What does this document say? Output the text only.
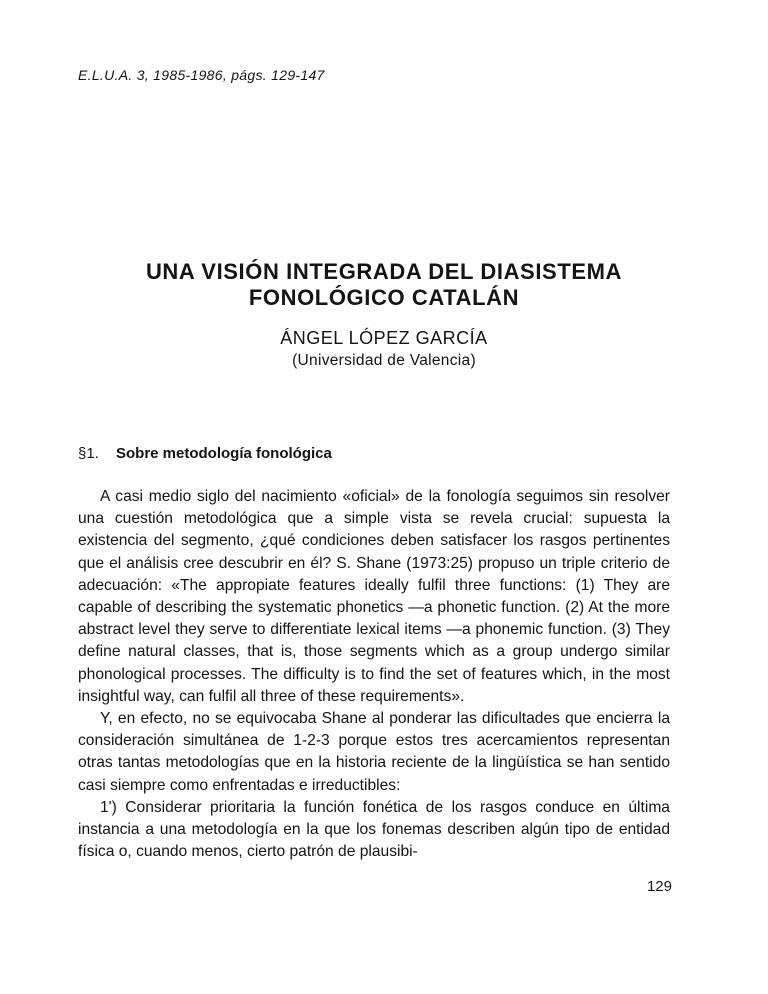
E.L.U.A. 3, 1985-1986, págs. 129-147
UNA VISIÓN INTEGRADA DEL DIASISTEMA
FONOLÓGICO CATALÁN
ÁNGEL LÓPEZ GARCÍA
(Universidad de Valencia)
§1. Sobre metodología fonológica

A casi medio siglo del nacimiento «oficial» de la fonología seguimos sin resolver una cuestión metodológica que a simple vista se revela crucial: supuesta la existencia del segmento, ¿qué condiciones deben satisfacer los rasgos pertinentes que el análisis cree descubrir en él? S. Shane (1973:25) propuso un triple criterio de adecuación: «The appropiate features ideally fulfil three functions: (1) They are capable of describing the systematic phonetics —a phonetic function. (2) At the more abstract level they serve to differentiate lexical items —a phonemic function. (3) They define natural classes, that is, those segments which as a group undergo similar phonological processes. The difficulty is to find the set of features which, in the most insightful way, can fulfil all three of these requirements».

Y, en efecto, no se equivocaba Shane al ponderar las dificultades que encierra la consideración simultánea de 1-2-3 porque estos tres acercamientos representan otras tantas metodologías que en la historia reciente de la lingüística se han sentido casi siempre como enfrentadas e irreductibles:

1') Considerar prioritaria la función fonética de los rasgos conduce en última instancia a una metodología en la que los fonemas describen algún tipo de entidad física o, cuando menos, cierto patrón de plausibi-

129
